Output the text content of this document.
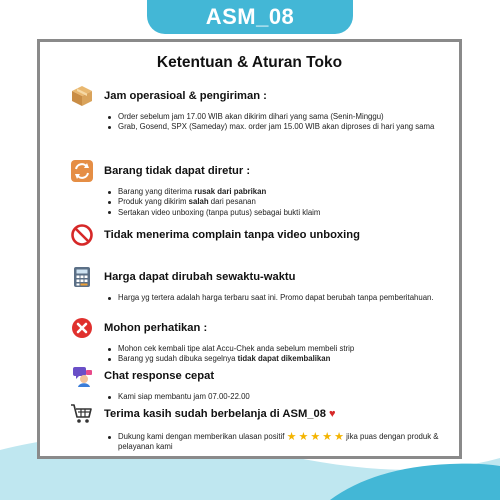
ASM_08
Ketentuan & Aturan Toko
Jam operasioal & pengiriman :
Order sebelum jam 17.00 WIB akan dikirim dihari yang sama (Senin-Minggu)
Grab, Gosend, SPX (Sameday) max. order jam 15.00 WIB akan diproses di hari yang sama
Barang tidak dapat diretur :
Barang yang diterima rusak dari pabrikan
Produk yang dikirim salah dari pesanan
Sertakan video unboxing (tanpa putus) sebagai bukti klaim
Tidak menerima complain tanpa video unboxing
Harga dapat dirubah sewaktu-waktu
Harga yg tertera adalah harga terbaru saat ini. Promo dapat berubah tanpa pemberitahuan.
Mohon perhatikan :
Mohon cek kembali tipe alat Accu-Chek anda sebelum membeli strip
Barang yg sudah dibuka segelnya tidak dapat dikembalikan
Chat response cepat
Kami siap membantu jam 07.00-22.00
Terima kasih sudah berbelanja di ASM_08 ♥
Dukung kami dengan memberikan ulasan positif ★ ★ ★ ★ ★ jika puas dengan produk & pelayanan kami
